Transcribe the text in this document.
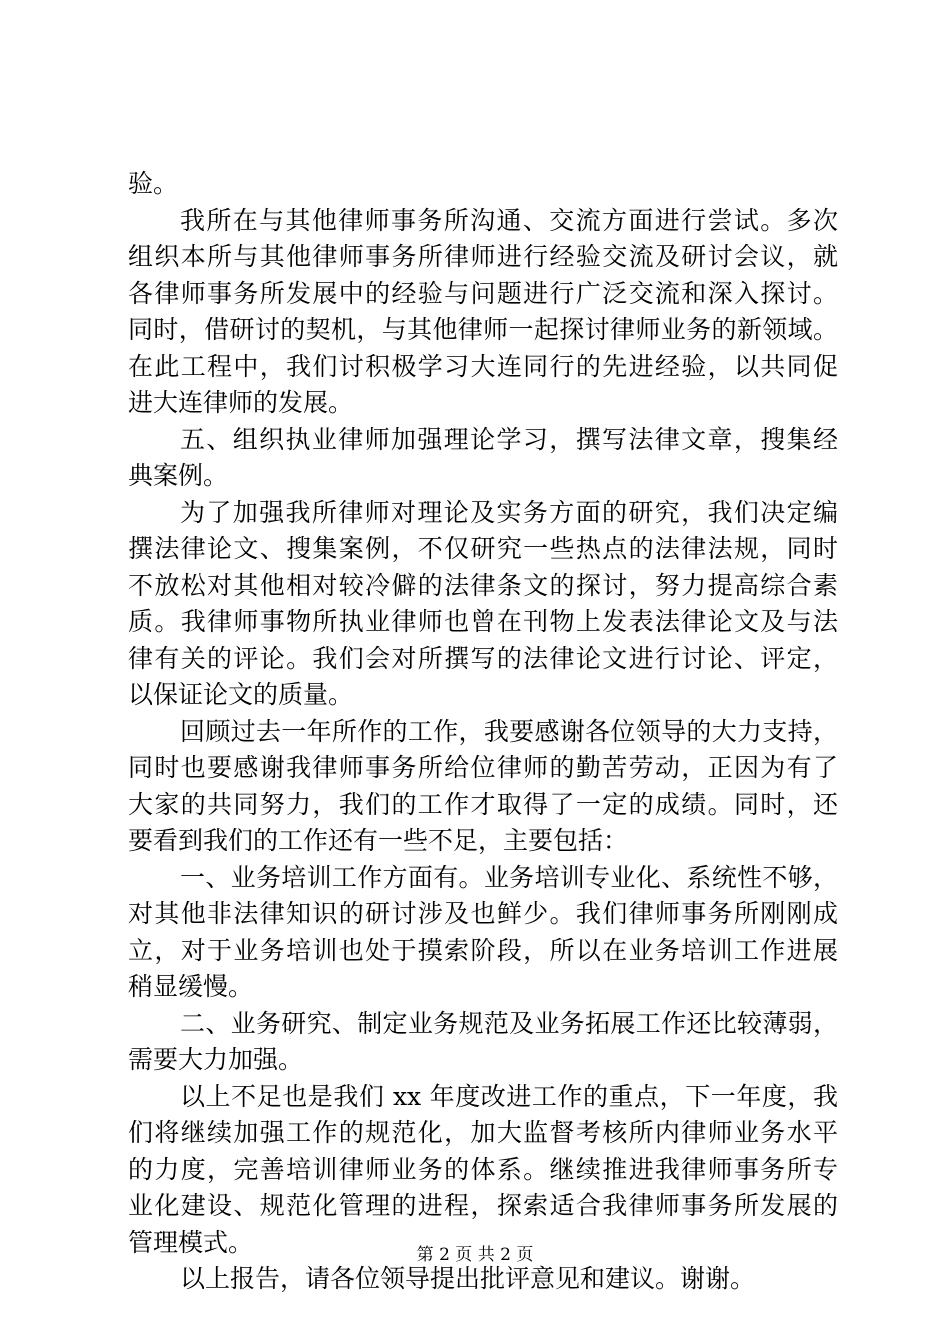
验。
我所在与其他律师事务所沟通、交流方面进行尝试。多次
组织本所与其他律师事务所律师进行经验交流及研讨会议，就
各律师事务所发展中的经验与问题进行广泛交流和深入探讨。
同时，借研讨的契机，与其他律师一起探讨律师业务的新领域。
在此工程中，我们讨积极学习大连同行的先进经验，以共同促
进大连律师的发展。
五、组织执业律师加强理论学习，撰写法律文章，搜集经
典案例。
为了加强我所律师对理论及实务方面的研究，我们决定编
撰法律论文、搜集案例，不仅研究一些热点的法律法规，同时
不放松对其他相对较冷僻的法律条文的探讨，努力提高综合素
质。我律师事物所执业律师也曾在刊物上发表法律论文及与法
律有关的评论。我们会对所撰写的法律论文进行讨论、评定，
以保证论文的质量。
回顾过去一年所作的工作，我要感谢各位领导的大力支持，
同时也要感谢我律师事务所给位律师的勤苦劳动，正因为有了
大家的共同努力，我们的工作才取得了一定的成绩。同时，还
要看到我们的工作还有一些不足，主要包括：
一、业务培训工作方面有。业务培训专业化、系统性不够，
对其他非法律知识的研讨涉及也鲜少。我们律师事务所刚刚成
立，对于业务培训也处于摸索阶段，所以在业务培训工作进展
稍显缓慢。
二、业务研究、制定业务规范及业务拓展工作还比较薄弱，
需要大力加强。
以上不足也是我们 xx 年度改进工作的重点，下一年度，我
们将继续加强工作的规范化，加大监督考核所内律师业务水平
的力度，完善培训律师业务的体系。继续推进我律师事务所专
业化建设、规范化管理的进程，探索适合我律师事务所发展的
管理模式。
以上报告，请各位领导提出批评意见和建议。谢谢。
第 2 页 共 2 页
